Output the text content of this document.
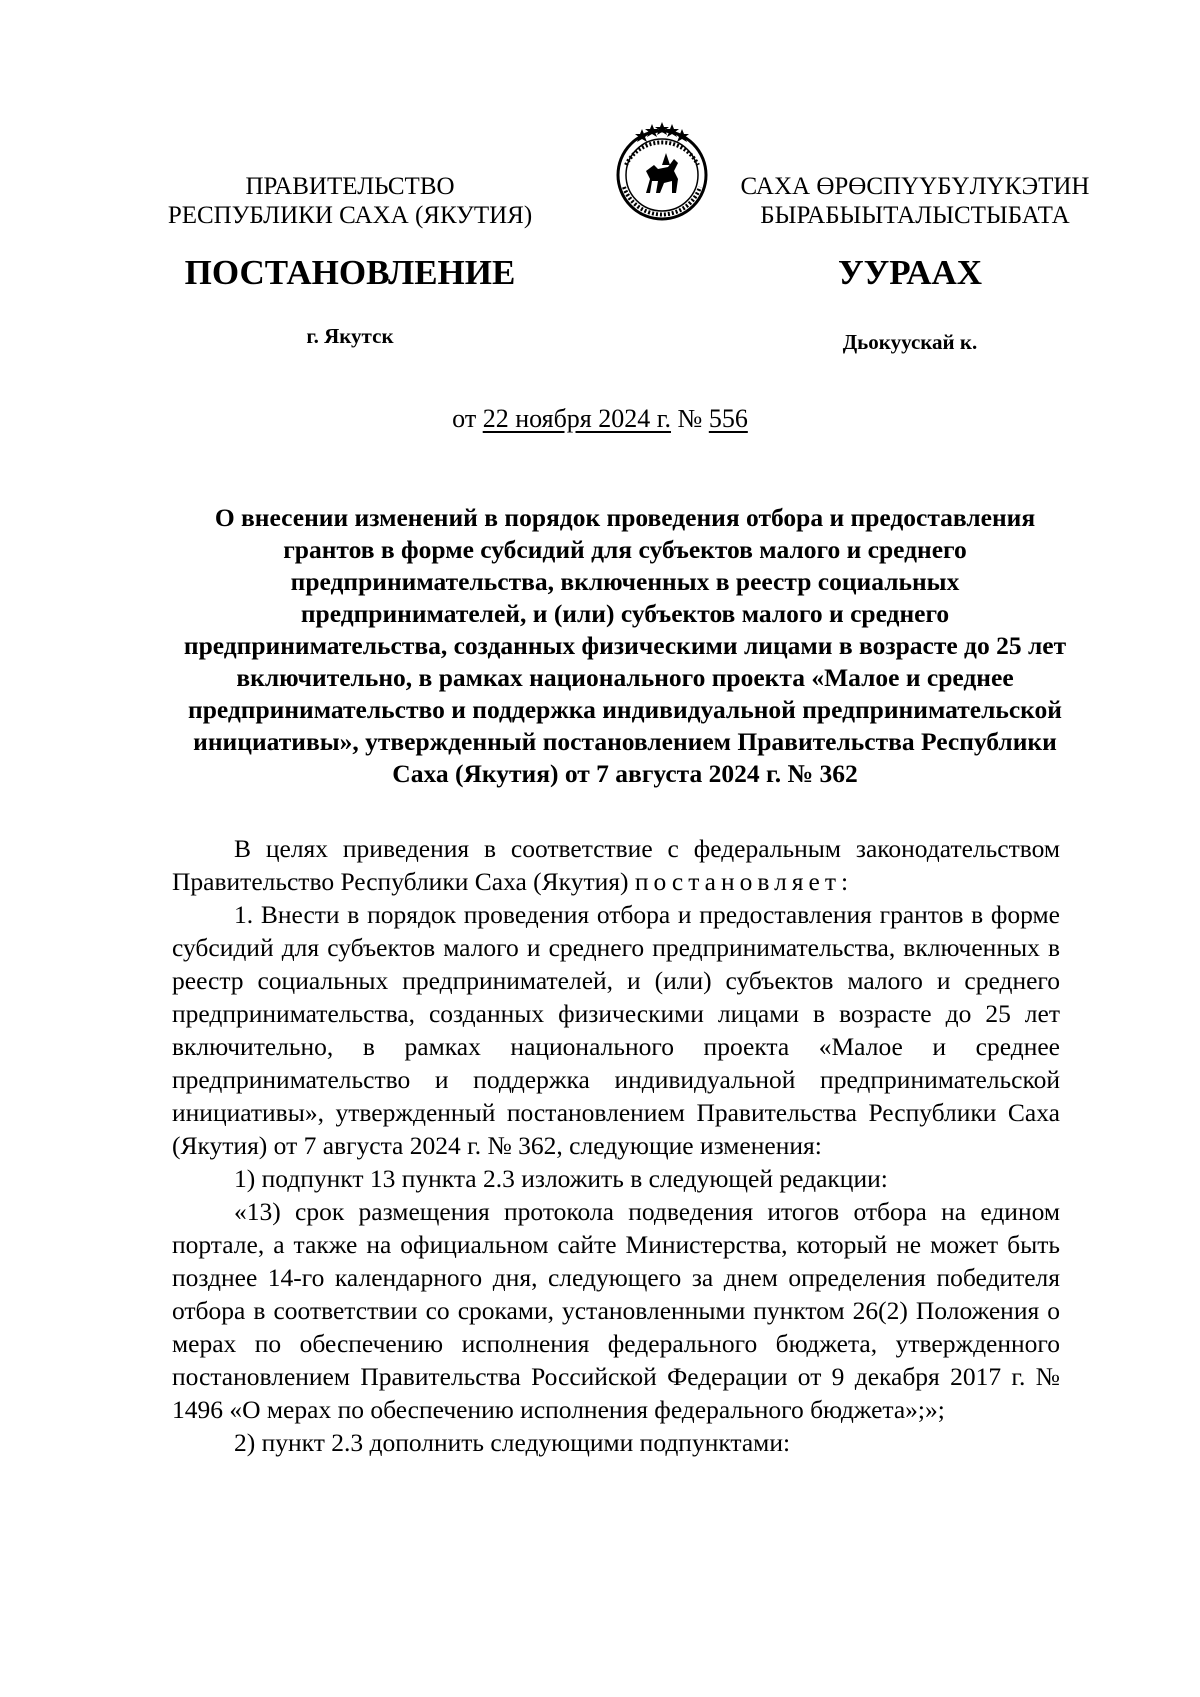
ПРАВИТЕЛЬСТВО
РЕСПУБЛИКИ САХА (ЯКУТИЯ)
САХА ӨРӨСПҮҮБҮЛҮКЭТИН
БЫРАБЫЫТАЛЫСТЫБАТА
ПОСТАНОВЛЕНИЕ	УУРААХ
г. Якутск	Дьокуускай к.
от 22 ноября 2024 г. № 556
О внесении изменений в порядок проведения отбора и предоставления грантов в форме субсидий для субъектов малого и среднего предпринимательства, включенных в реестр социальных предпринимателей, и (или) субъектов малого и среднего предпринимательства, созданных физическими лицами в возрасте до 25 лет включительно, в рамках национального проекта «Малое и среднее предпринимательство и поддержка индивидуальной предпринимательской инициативы», утвержденный постановлением Правительства Республики Саха (Якутия) от 7 августа 2024 г. № 362

В целях приведения в соответствие с федеральным законодательством Правительство Республики Саха (Якутия) постановляет:

1. Внести в порядок проведения отбора и предоставления грантов в форме субсидий для субъектов малого и среднего предпринимательства, включенных в реестр социальных предпринимателей, и (или) субъектов малого и среднего предпринимательства, созданных физическими лицами в возрасте до 25 лет включительно, в рамках национального проекта «Малое и среднее предпринимательство и поддержка индивидуальной предпринимательской инициативы», утвержденный постановлением Правительства Республики Саха (Якутия) от 7 августа 2024 г. № 362, следующие изменения:

1) подпункт 13 пункта 2.3 изложить в следующей редакции:

«13) срок размещения протокола подведения итогов отбора на едином портале, а также на официальном сайте Министерства, который не может быть позднее 14-го календарного дня, следующего за днем определения победителя отбора в соответствии со сроками, установленными пунктом 26(2) Положения о мерах по обеспечению исполнения федерального бюджета, утвержденного постановлением Правительства Российской Федерации от 9 декабря 2017 г. № 1496 «О мерах по обеспечению исполнения федерального бюджета»;»;

2) пункт 2.3 дополнить следующими подпунктами:
